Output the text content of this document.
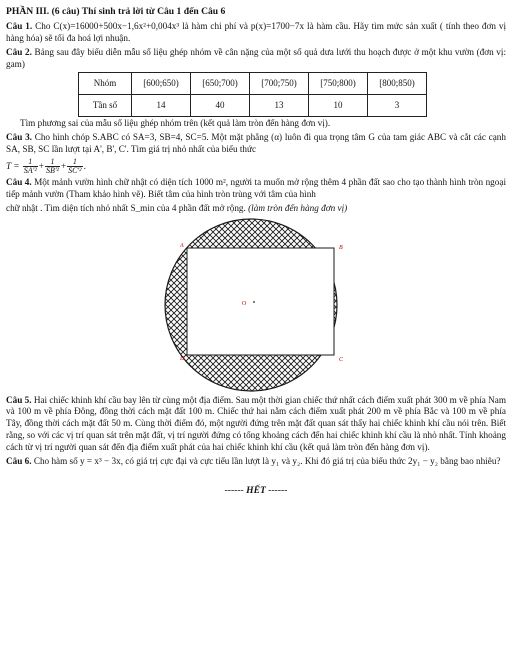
PHẦN III. (6 câu) Thí sinh trả lời từ Câu 1 đến Câu 6

Câu 1. Cho C(x)=16000+500x−1,6x²+0,004x³ là hàm chi phí và p(x)=1700−7x là hàm cầu. Hãy tìm mức sản xuất ( tính theo đơn vị hàng hóa) sẽ tối đa hoá lợi nhuận.

Câu 2. Bảng sau đây biểu diễn mẫu số liệu ghép nhóm về cân nặng của một số quả dưa lưới thu hoạch được ở một khu vườn (đơn vị: gam)

Nhóm	[600;650)	[650;700)	[700;750)	[750;800)	[800;850)
Tần số	14	40	13	10	3

Tìm phương sai của mẫu số liệu ghép nhóm trên (kết quả làm tròn đến hàng đơn vị).

Câu 3. Cho hình chóp S.ABC có SA=3, SB=4, SC=5. Một mặt phẳng (α) luôn đi qua trọng tâm G của tam giác ABC và cắt các cạnh SA, SB, SC lần lượt tại A', B', C'. Tìm giá trị nhỏ nhất của biểu thức

$T = \frac{1}{\text{SA'²}} + \frac{1}{\text{SB'²}} + \frac{1}{\text{SC'²}}$ .

Câu 4. Một mảnh vườn hình chữ nhật có diện tích 1000 m², người ta muốn mở rộng thêm 4 phần đất sao cho tạo thành hình tròn ngoại tiếp mảnh vườn (Tham khảo hình vẽ). Biết tâm của hình tròn trùng với tâm của hình

chữ nhật . Tìm diện tích nhỏ nhất S_min của 4 phần đất mở rộng. (làm tròn đến hàng đơn vị)

O
A	B
C
D

Câu 5. Hai chiếc khinh khí cầu bay lên từ cùng một địa điểm. Sau một thời gian chiếc thứ nhất cách điểm xuất phát 300 m về phía Nam và 100 m về phía Đông, đồng thời cách mặt đất 100 m. Chiếc thứ hai nằm cách điểm xuất phát 200 m về phía Bắc và 100 m về phía Tây, đồng thời cách mặt đất 50 m. Cùng thời điểm đó, một người đứng trên mặt đất quan sát thấy hai chiếc khinh khí cầu nói trên. Biết rằng, so với các vị trí quan sát trên mặt đất, vị trí người đứng có tổng khoảng cách đến hai chiếc khinh khí cầu là nhỏ nhất. Tính khoảng cách từ vị trí người quan sát đến địa điểm xuất phát của hai chiếc khinh khí cầu (kết quả làm tròn đến hàng đơn vị).

Câu 6. Cho hàm số y = x³ − 3x, có giá trị cực đại và cực tiểu lần lượt là y₁ và y₂. Khi đó giá trị của biểu thức 2y₁ − y₂ bằng bao nhiêu?

------ HẾT ------
